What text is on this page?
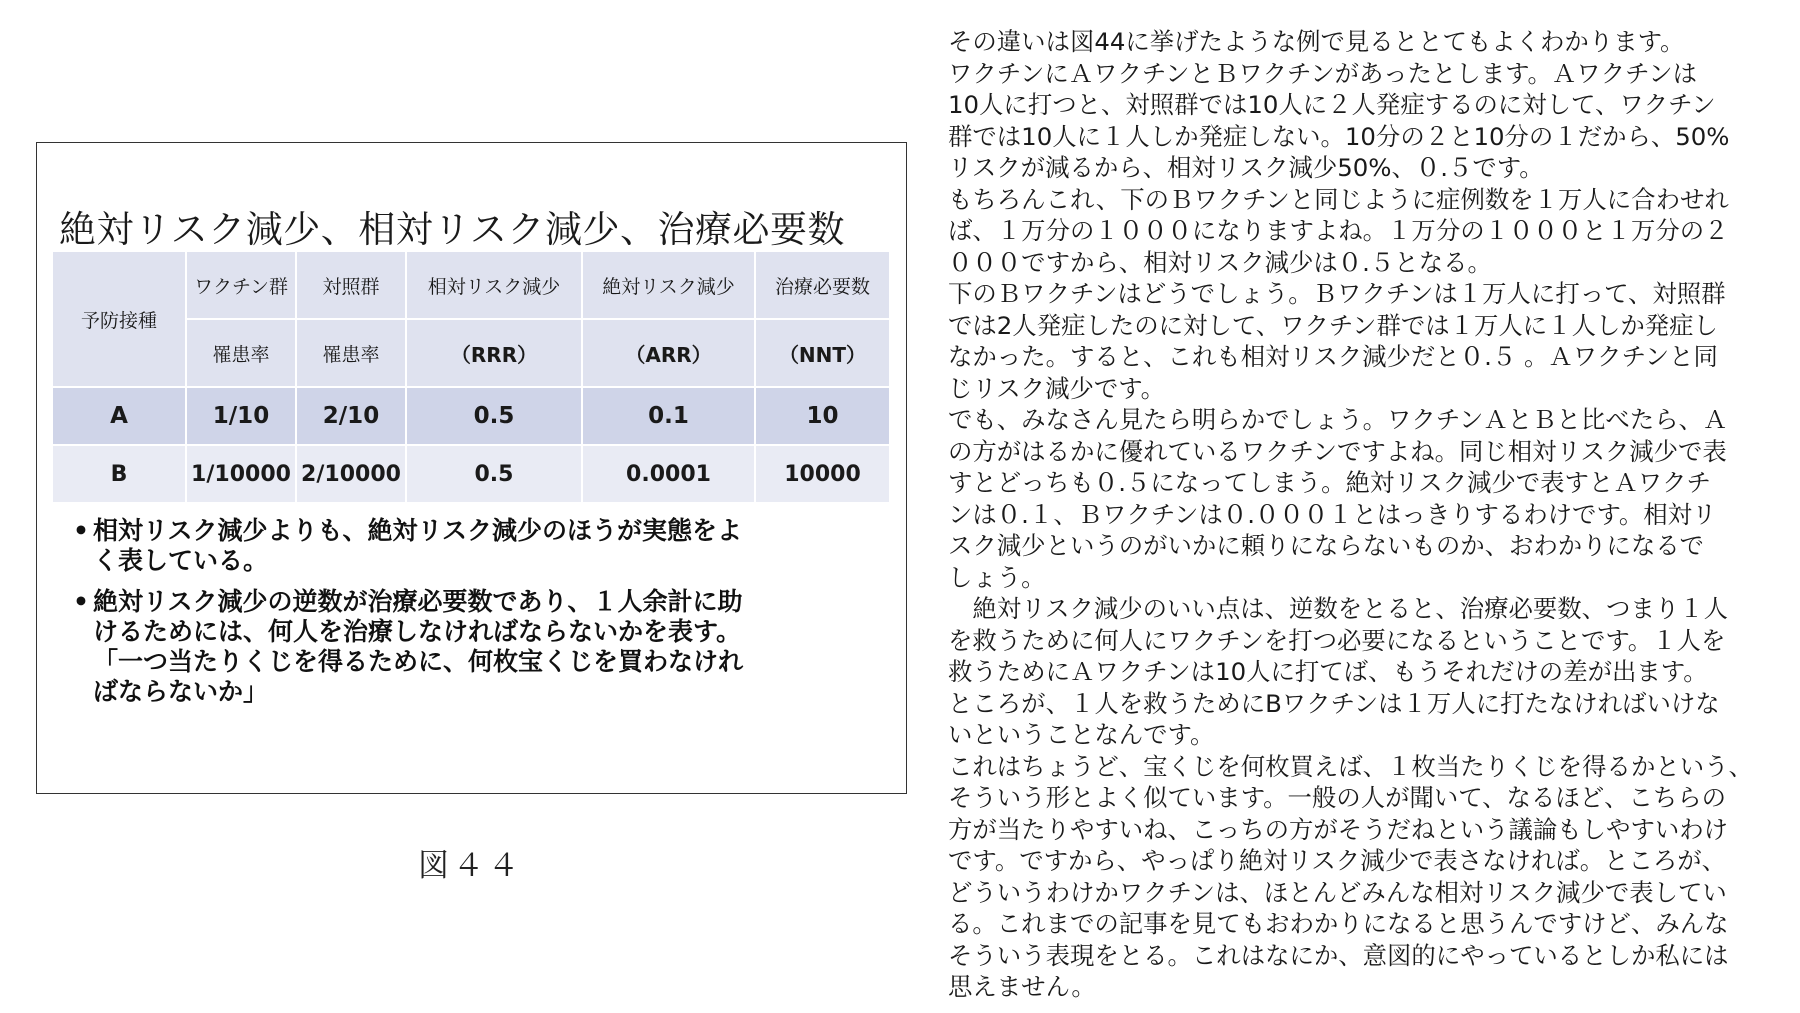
絶対リスク減少、相対リスク減少、治療必要数
予防接種	ワクチン群	対照群	相対リスク減少	絶対リスク減少	治療必要数
	罹患率	罹患率	（RRR）	（ARR）	（NNT）
A	1/10	2/10	0.5	0.1	10
B	1/10000	2/10000	0.5	0.0001	10000
• 相対リスク減少よりも、絶対リスク減少のほうが実態をよ
く表している。
• 絶対リスク減少の逆数が治療必要数であり、１人余計に助
けるためには、何人を治療しなければならないかを表す。
「一つ当たりくじを得るために、何枚宝くじを買わなけれ
ばならないか」
図４４

その違いは図44に挙げたような例で見るととてもよくわかります。

ワクチンにＡワクチンとＢワクチンがあったとします。Ａワクチンは

10人に打つと、対照群では10人に２人発症するのに対して、ワクチン

群では10人に１人しか発症しない。10分の２と10分の１だから、50%

リスクが減るから、相対リスク減少50%、０.５です。

もちろんこれ、下のＢワクチンと同じように症例数を１万人に合わせれ

ば、１万分の１０００になりますよね。１万分の１０００と１万分の２

０００ですから、相対リスク減少は０.５となる。

下のＢワクチンはどうでしょう。Ｂワクチンは１万人に打って、対照群

では2人発症したのに対して、ワクチン群では１万人に１人しか発症し

なかった。すると、これも相対リスク減少だと０.５ 。Ａワクチンと同

じリスク減少です。

でも、みなさん見たら明らかでしょう。ワクチンＡとＢと比べたら、Ａ

の方がはるかに優れているワクチンですよね。同じ相対リスク減少で表

すとどっちも０.５になってしまう。絶対リスク減少で表すとＡワクチ

ンは０.１、Ｂワクチンは０.０００１とはっきりするわけです。相対リ

スク減少というのがいかに頼りにならないものか、おわかりになるで

しょう。

　絶対リスク減少のいい点は、逆数をとると、治療必要数、つまり１人

を救うために何人にワクチンを打つ必要になるということです。１人を

救うためにＡワクチンは10人に打てば、もうそれだけの差が出ます。

ところが、１人を救うためにBワクチンは１万人に打たなければいけな

いということなんです。

これはちょうど、宝くじを何枚買えば、１枚当たりくじを得るかという、

そういう形とよく似ています。一般の人が聞いて、なるほど、こちらの

方が当たりやすいね、こっちの方がそうだねという議論もしやすいわけ

です。ですから、やっぱり絶対リスク減少で表さなければ。ところが、

どういうわけかワクチンは、ほとんどみんな相対リスク減少で表してい

る。これまでの記事を見てもおわかりになると思うんですけど、みんな

そういう表現をとる。これはなにか、意図的にやっているとしか私には

思えません。
